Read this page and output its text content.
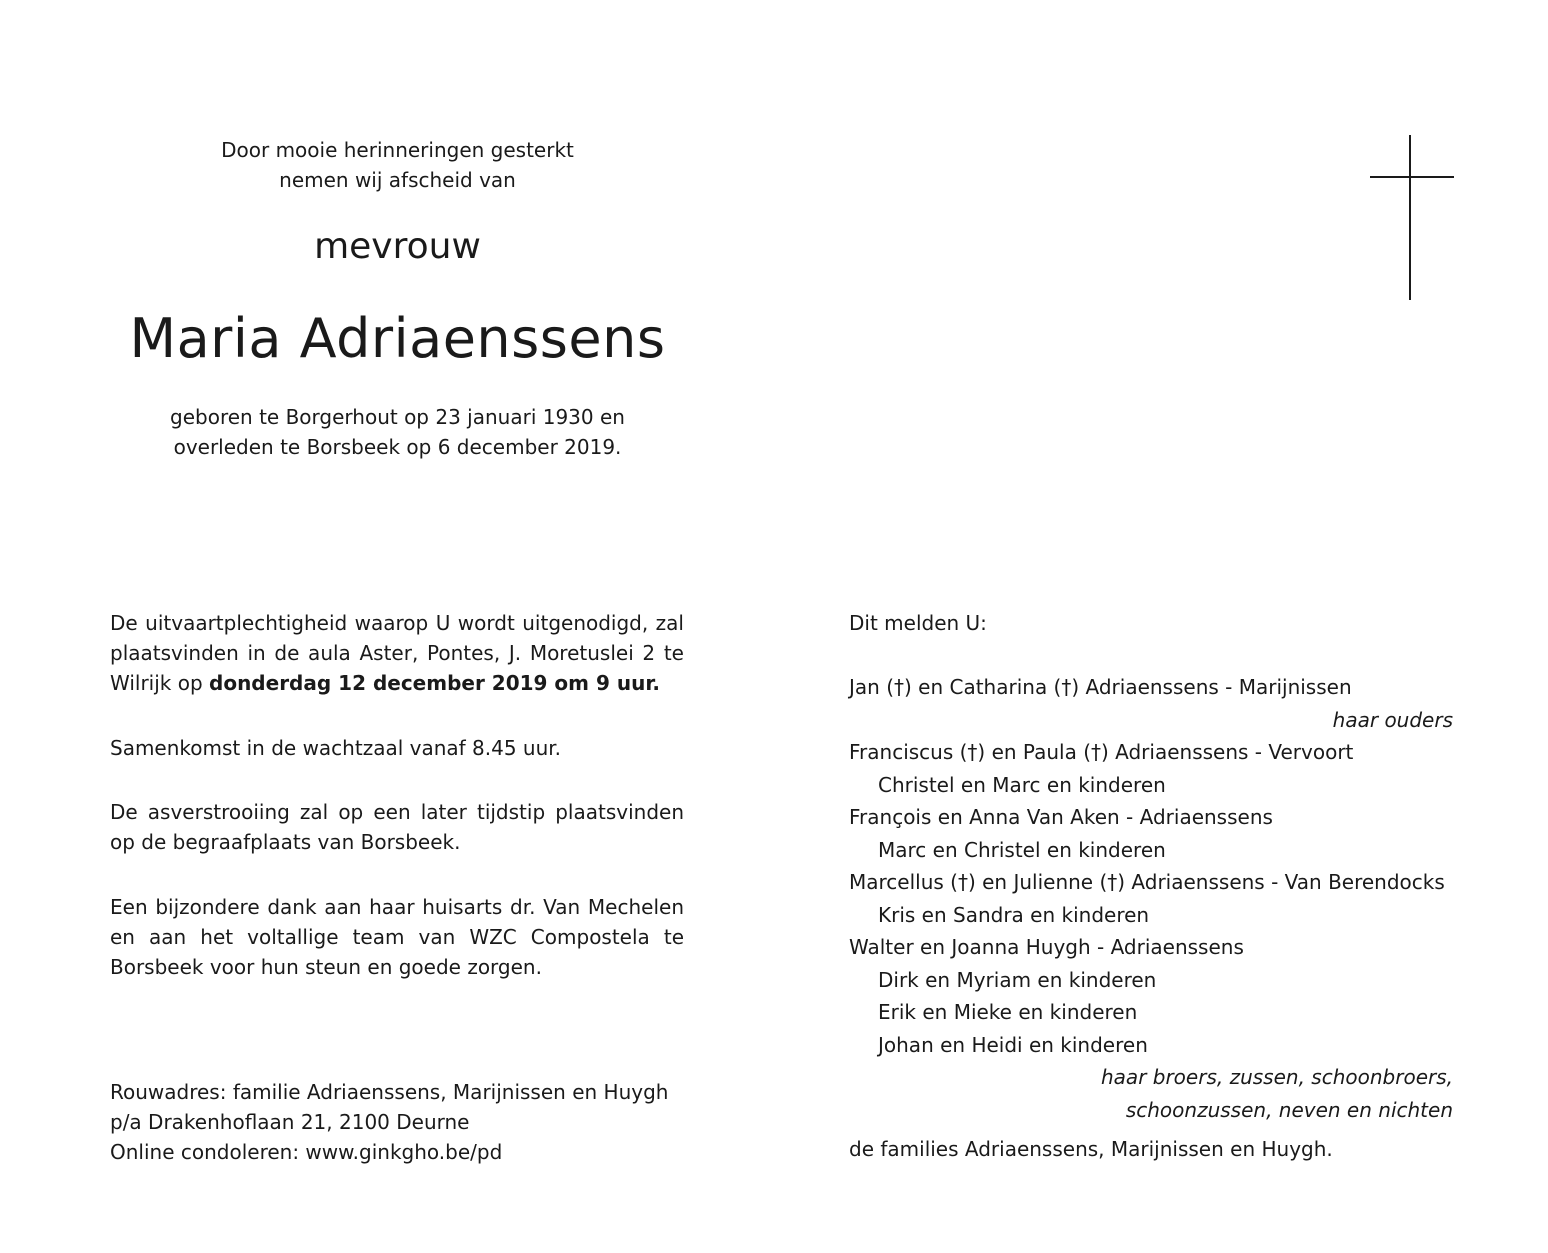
Door mooie herinneringen gesterkt
nemen wij afscheid van
mevrouw
Maria Adriaenssens
geboren te Borgerhout op 23 januari 1930 en
overleden te Borsbeek op 6 december 2019.

De uitvaartplechtigheid waarop U wordt uitgenodigd, zal plaatsvinden in de aula Aster, Pontes, J. Moretuslei 2 te Wilrijk op donderdag 12 december 2019 om 9 uur.

Samenkomst in de wachtzaal vanaf 8.45 uur.

De asverstrooiing zal op een later tijdstip plaatsvinden op de begraafplaats van Borsbeek.

Een bijzondere dank aan haar huisarts dr. Van Mechelen en aan het voltallige team van WZC Compostela te Borsbeek voor hun steun en goede zorgen.

Rouwadres: familie Adriaenssens, Marijnissen en Huygh

p/a Drakenhoflaan 21, 2100 Deurne

Online condoleren: www.ginkgho.be/pd

Dit melden U:
Jan (†) en Catharina (†) Adriaenssens - Marijnissen
haar ouders
Franciscus (†) en Paula (†) Adriaenssens - Vervoort
Christel en Marc en kinderen
François en Anna Van Aken - Adriaenssens
Marc en Christel en kinderen
Marcellus (†) en Julienne (†) Adriaenssens - Van Berendocks
Kris en Sandra en kinderen
Walter en Joanna Huygh - Adriaenssens
Dirk en Myriam en kinderen
Erik en Mieke en kinderen
Johan en Heidi en kinderen
haar broers, zussen, schoonbroers,
schoonzussen, neven en nichten
de families Adriaenssens, Marijnissen en Huygh.
